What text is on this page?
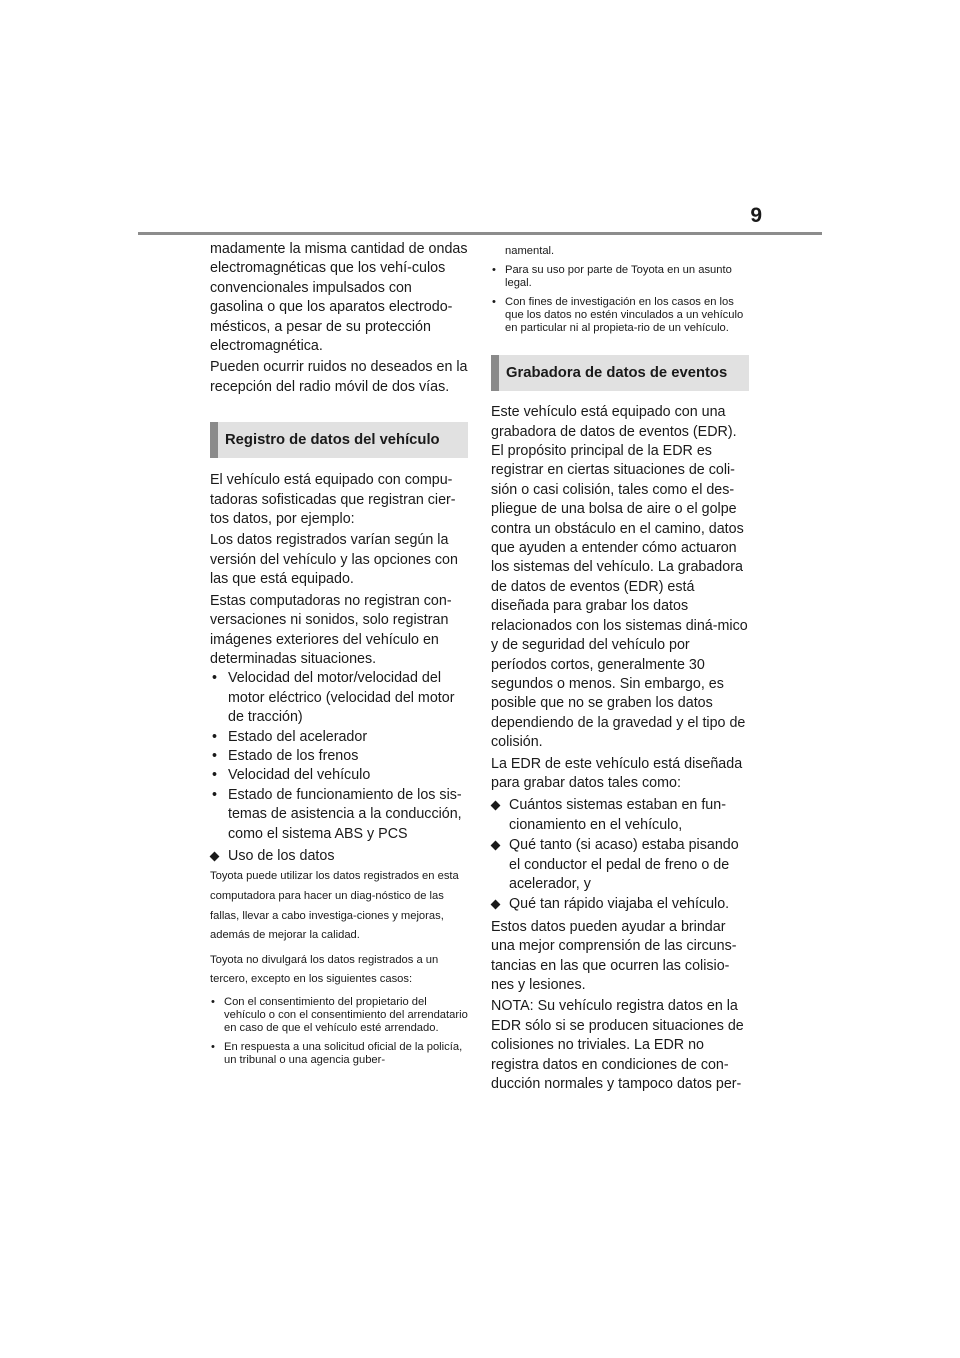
9

madamente la misma cantidad de ondas electromagnéticas que los vehí-culos convencionales impulsados con gasolina o que los aparatos electrodo-mésticos, a pesar de su protección electromagnética.

Pueden ocurrir ruidos no deseados en la recepción del radio móvil de dos vías.

Registro de datos del vehículo

El vehículo está equipado con compu-tadoras sofisticadas que registran cier-tos datos, por ejemplo:

Los datos registrados varían según la versión del vehículo y las opciones con las que está equipado.

Estas computadoras no registran con-versaciones ni sonidos, solo registran imágenes exteriores del vehículo en determinadas situaciones.

• Velocidad del motor/velocidad del motor eléctrico (velocidad del motor de tracción)
• Estado del acelerador
• Estado de los frenos
• Velocidad del vehículo
• Estado de funcionamiento de los sis-temas de asistencia a la conducción, como el sistema ABS y PCS
Uso de los datos

Toyota puede utilizar los datos registrados en esta computadora para hacer un diag-nóstico de las fallas, llevar a cabo investiga-ciones y mejoras, además de mejorar la calidad.

Toyota no divulgará los datos registrados a un tercero, excepto en los siguientes casos:

• Con el consentimiento del propietario del vehículo o con el consentimiento del arrendatario en caso de que el vehículo esté arrendado.
• En respuesta a una solicitud oficial de la policía, un tribunal o una agencia guber-

namental.

• Para su uso por parte de Toyota en un asunto legal.
• Con fines de investigación en los casos en los que los datos no estén vinculados a un vehículo en particular ni al propieta-rio de un vehículo.
Grabadora de datos de eventos

Este vehículo está equipado con una grabadora de datos de eventos (EDR). El propósito principal de la EDR es registrar en ciertas situaciones de coli-sión o casi colisión, tales como el des-pliegue de una bolsa de aire o el golpe contra un obstáculo en el camino, datos que ayuden a entender cómo actuaron los sistemas del vehículo. La grabadora de datos de eventos (EDR) está diseñada para grabar los datos relacionados con los sistemas diná-mico y de seguridad del vehículo por períodos cortos, generalmente 30 segundos o menos. Sin embargo, es posible que no se graben los datos dependiendo de la gravedad y el tipo de colisión.

La EDR de este vehículo está diseñada para grabar datos tales como:

Cuántos sistemas estaban en fun-cionamiento en el vehículo,
Qué tanto (si acaso) estaba pisando el conductor el pedal de freno o de acelerador, y
Qué tan rápido viajaba el vehículo.

Estos datos pueden ayudar a brindar una mejor comprensión de las circuns-tancias en las que ocurren las colisio-nes y lesiones.

NOTA: Su vehículo registra datos en la EDR sólo si se producen situaciones de colisiones no triviales. La EDR no registra datos en condiciones de con-ducción normales y tampoco datos per-
